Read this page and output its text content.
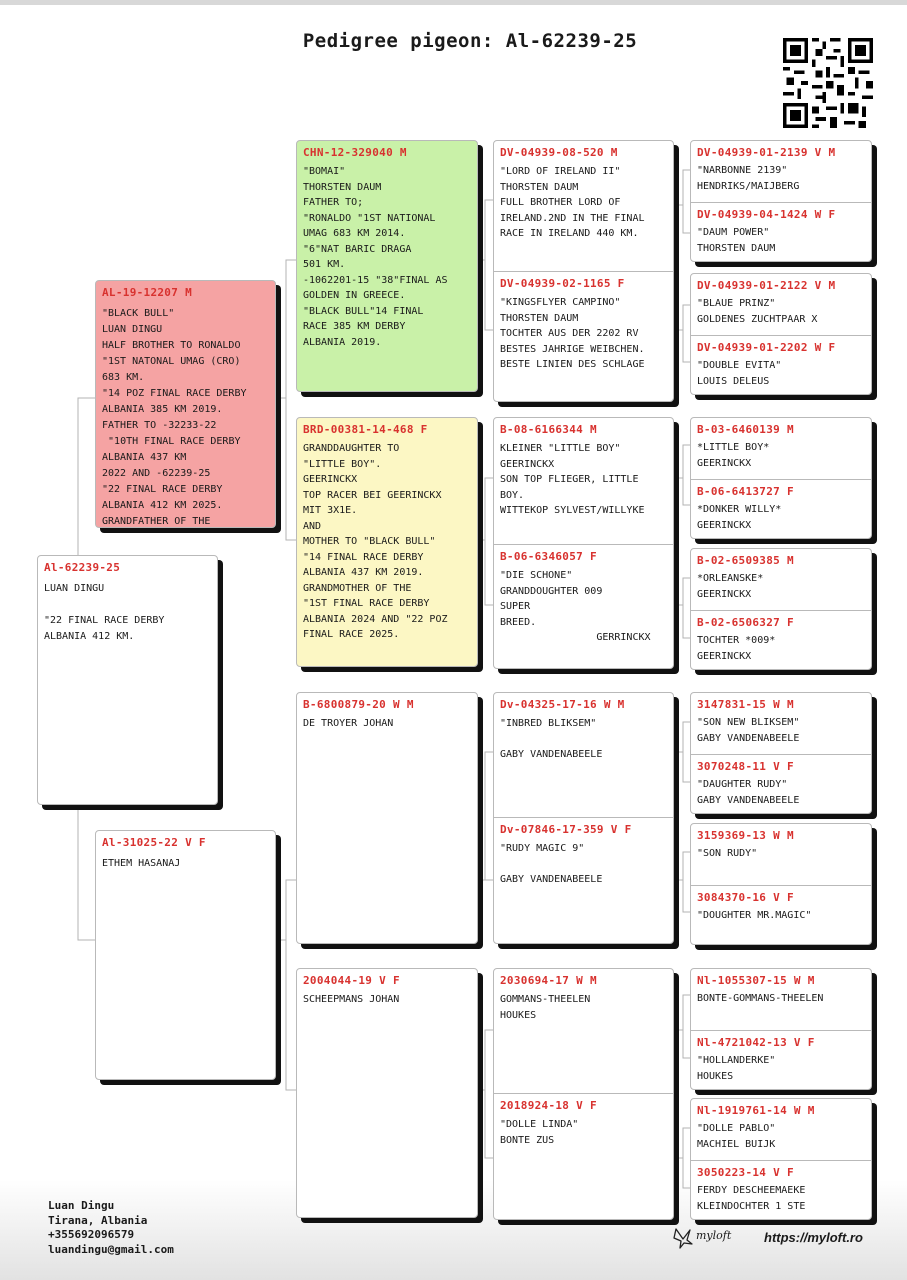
Pedigree pigeon: Al-62239-25
Al-62239-25
LUAN DINGU

"22 FINAL RACE DERBY
ALBANIA 412 KM.
AL-19-12207 M
"BLACK BULL"
LUAN DINGU
HALF BROTHER TO RONALDO
"1ST NATONAL UMAG (CRO)
683 KM.
"14 POZ FINAL RACE DERBY
ALBANIA 385 KM 2019.
FATHER TO -32233-22
"10TH FINAL RACE DERBY
ALBANIA 437 KM
2022 AND -62239-25
"22 FINAL RACE DERBY
ALBANIA 412 KM 2025.
GRANDFATHER OF THE
Al-31025-22 V F
ETHEM HASANAJ
CHN-12-329040 M
"BOMAI"
THORSTEN DAUM
FATHER TO;
"RONALDO "1ST NATIONAL
UMAG 683 KM 2014.
"6"NAT BARIC DRAGA
501 KM.
-1062201-15 "38"FINAL AS
GOLDEN IN GREECE.
"BLACK BULL"14 FINAL
RACE 385 KM DERBY
ALBANIA 2019.
BRD-00381-14-468 F
GRANDDAUGHTER TO
"LITTLE BOY".
GEERINCKX
TOP RACER BEI GEERINCKX
MIT 3X1E.
AND
MOTHER TO "BLACK BULL"
"14 FINAL RACE DERBY
ALBANIA 437 KM 2019.
GRANDMOTHER OF THE
"1ST FINAL RACE DERBY
ALBANIA 2024 AND "22 POZ
FINAL RACE 2025.
B-6800879-20 W M
DE TROYER JOHAN
2004044-19 V F
SCHEEPMANS JOHAN
DV-04939-08-520 M
"LORD OF IRELAND II"
THORSTEN DAUM
FULL BROTHER LORD OF
IRELAND.2ND IN THE FINAL
RACE IN IRELAND 440 KM.
DV-04939-02-1165 F
"KINGSFLYER CAMPINO"
THORSTEN DAUM
TOCHTER AUS DER 2202 RV
BESTES JAHRIGE WEIBCHEN.
BESTE LINIEN DES SCHLAGE
B-08-6166344 M
KLEINER "LITTLE BOY"
GEERINCKX
SON TOP FLIEGER, LITTLE
BOY.
WITTEKOP SYLVEST/WILLYKE
B-06-6346057 F
"DIE SCHONE"
GRANDDOUGHTER 009
SUPER
BREED.
GERRINCKX
Dv-04325-17-16 W M
"INBRED BLIKSEM"

GABY VANDENABEELE
Dv-07846-17-359 V F
"RUDY MAGIC 9"

GABY VANDENABEELE
2030694-17 W M
GOMMANS-THEELEN
HOUKES
2018924-18 V F
"DOLLE LINDA"
BONTE ZUS
DV-04939-01-2139 V M
"NARBONNE 2139"
HENDRIKS/MAIJBERG
DV-04939-04-1424 W F
"DAUM POWER"
THORSTEN DAUM
DV-04939-01-2122 V M
"BLAUE PRINZ"
GOLDENES ZUCHTPAAR X
DV-04939-01-2202 W F
"DOUBLE EVITA"
LOUIS DELEUS
B-03-6460139 M
*LITTLE BOY*
GEERINCKX
B-06-6413727 F
*DONKER WILLY*
GEERINCKX
B-02-6509385 M
*ORLEANSKE*
GEERINCKX
B-02-6506327 F
TOCHTER *009*
GEERINCKX
3147831-15 W M
"SON NEW BLIKSEM"
GABY VANDENABEELE
3070248-11 V F
"DAUGHTER RUDY"
GABY VANDENABEELE
3159369-13 W M
"SON RUDY"
3084370-16 V F
"DOUGHTER MR.MAGIC"
Nl-1055307-15 W M
BONTE-GOMMANS-THEELEN
Nl-4721042-13 V F
"HOLLANDERKE"
HOUKES
Nl-1919761-14 W M
"DOLLE PABLO"
MACHIEL BUIJK
3050223-14 V F
FERDY DESCHEEMAEKE
KLEINDOCHTER 1 STE
Luan Dingu
Tirana, Albania
+355692096579
luandingu@gmail.com
myloft	https://myloft.ro
